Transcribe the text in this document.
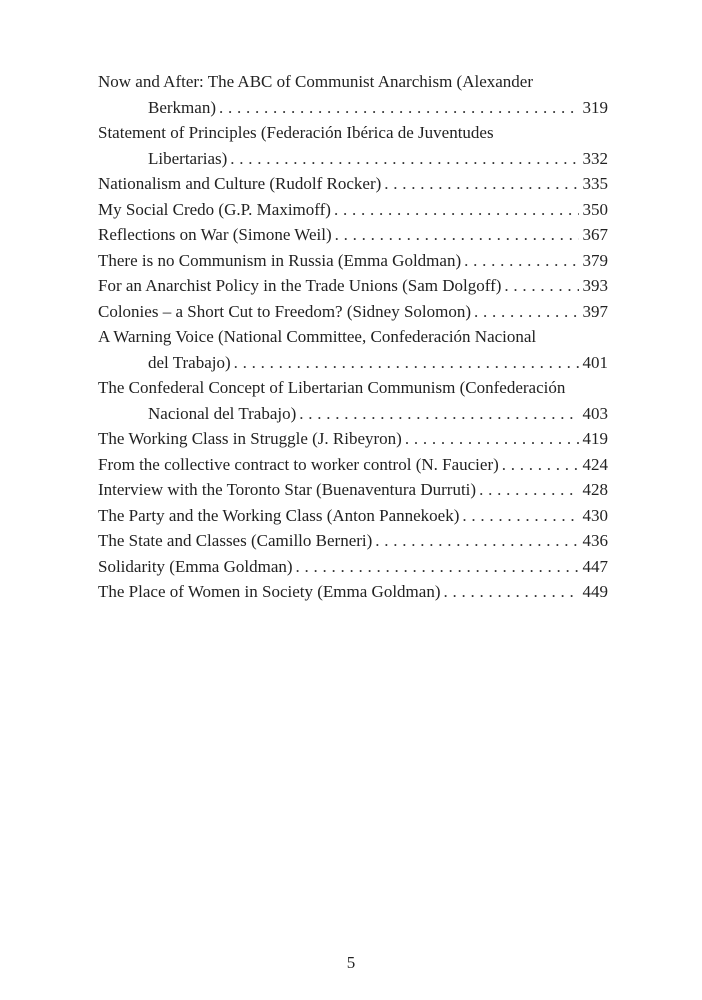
Now and After: The ABC of Communist Anarchism (Alexander
Berkman) . . .	319
Statement of Principles (Federación Ibérica de Juventudes
Libertarias) . . .	332
Nationalism and Culture (Rudolf Rocker) . . .	335
My Social Credo (G.P. Maximoff) . . .	350
Reflections on War (Simone Weil) . . .	367
There is no Communism in Russia (Emma Goldman) . . .	379
For an Anarchist Policy in the Trade Unions (Sam Dolgoff) . . .	393
Colonies – a Short Cut to Freedom? (Sidney Solomon) . . .	397
A Warning Voice (National Committee, Confederación Nacional
del Trabajo) . . .	401
The Confederal Concept of Libertarian Communism (Confederación
Nacional del Trabajo) . . .	403
The Working Class in Struggle (J. Ribeyron) . . .	419
From the collective contract to worker control (N. Faucier) . . .	424
Interview with the Toronto Star (Buenaventura Durruti) . . .	428
The Party and the Working Class (Anton Pannekoek) . . .	430
The State and Classes (Camillo Berneri) . . .	436
Solidarity (Emma Goldman) . . .	447
The Place of Women in Society (Emma Goldman) . . .	449
5
